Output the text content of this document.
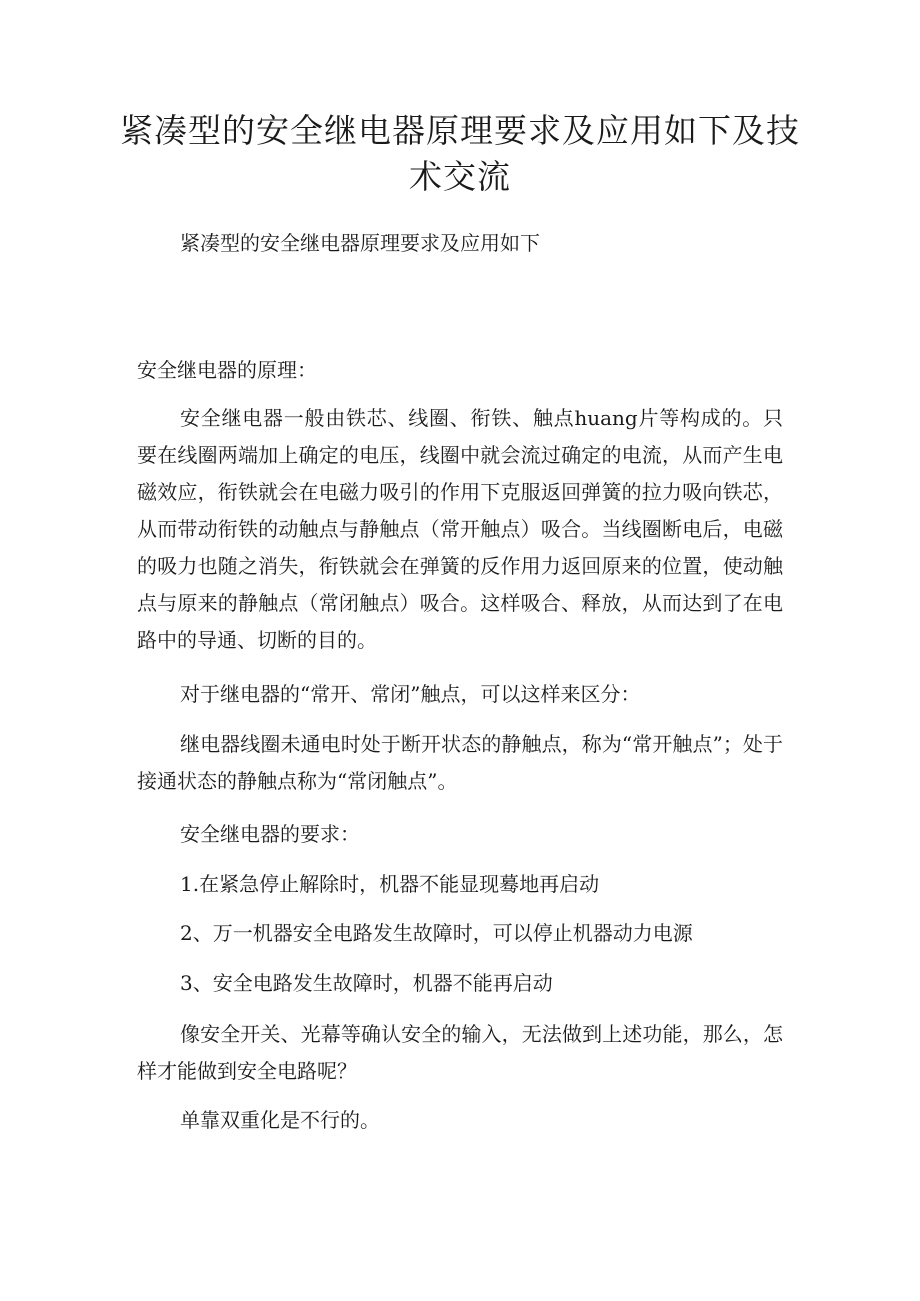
紧凑型的安全继电器原理要求及应用如下及技术交流

紧凑型的安全继电器原理要求及应用如下

安全继电器的原理：

安全继电器一般由铁芯、线圈、衔铁、触点huang片等构成的。只要在线圈两端加上确定的电压，线圈中就会流过确定的电流，从而产生电磁效应，衔铁就会在电磁力吸引的作用下克服返回弹簧的拉力吸向铁芯，从而带动衔铁的动触点与静触点（常开触点）吸合。当线圈断电后，电磁的吸力也随之消失，衔铁就会在弹簧的反作用力返回原来的位置，使动触点与原来的静触点（常闭触点）吸合。这样吸合、释放，从而达到了在电路中的导通、切断的目的。

对于继电器的“常开、常闭”触点，可以这样来区分：

继电器线圈未通电时处于断开状态的静触点，称为“常开触点”；处于接通状态的静触点称为“常闭触点”。

安全继电器的要求：

1.在紧急停止解除时，机器不能显现蓦地再启动

2、万一机器安全电路发生故障时，可以停止机器动力电源

3、安全电路发生故障时，机器不能再启动

像安全开关、光幕等确认安全的输入，无法做到上述功能，那么，怎样才能做到安全电路呢？

单靠双重化是不行的。
